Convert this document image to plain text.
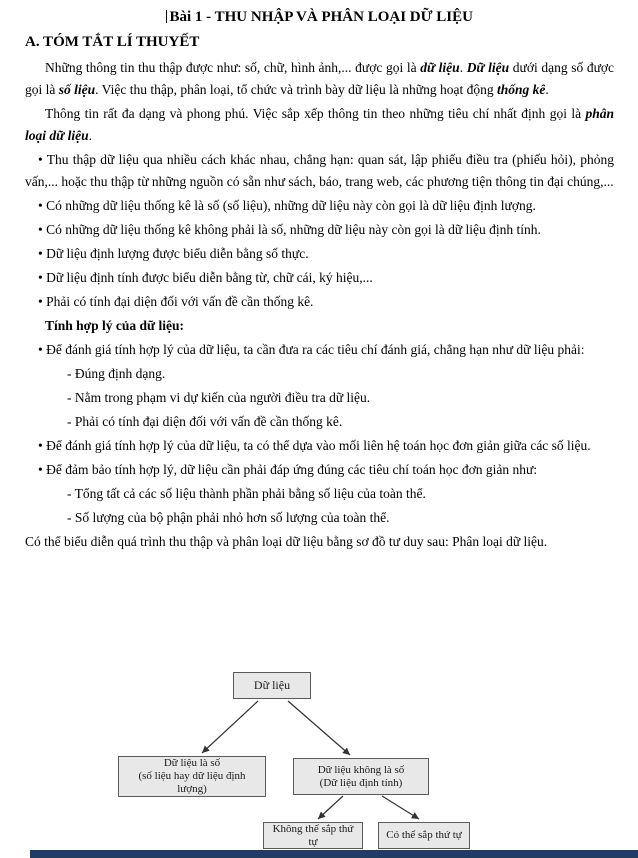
Bài 1 - THU NHẬP VÀ PHÂN LOẠI DỮ LIỆU
A. TÓM TẮT LÍ THUYẾT
Những thông tin thu thập được như: số, chữ, hình ảnh,... được gọi là dữ liệu. Dữ liệu dưới dạng số được gọi là số liệu. Việc thu thập, phân loại, tổ chức và trình bày dữ liệu là những hoạt động thống kê.
Thông tin rất đa dạng và phong phú. Việc sắp xếp thông tin theo những tiêu chí nhất định gọi là phân loại dữ liệu.
• Thu thập dữ liệu qua nhiều cách khác nhau, chẳng hạn: quan sát, lập phiếu điều tra (phiếu hỏi), phỏng vấn,... hoặc thu thập từ những nguồn có sẵn như sách, báo, trang web, các phương tiện thông tin đại chúng,...
• Có những dữ liệu thống kê là số (số liệu), những dữ liệu này còn gọi là dữ liệu định lượng.
• Có những dữ liệu thống kê không phải là số, những dữ liệu này còn gọi là dữ liệu định tính.
• Dữ liệu định lượng được biểu diễn bằng số thực.
• Dữ liệu định tính được biểu diễn bằng từ, chữ cái, ký hiệu,...
• Phải có tính đại diện đối với vấn đề cần thống kê.
Tính hợp lý của dữ liệu:
• Để đánh giá tính hợp lý của dữ liệu, ta cần đưa ra các tiêu chí đánh giá, chẳng hạn như dữ liệu phải:
- Đúng định dạng.
- Nằm trong phạm vi dự kiến của người điều tra dữ liệu.
- Phải có tính đại diện đối với vấn đề cần thống kê.
• Để đánh giá tính hợp lý của dữ liệu, ta có thể dựa vào mối liên hệ toán học đơn giản giữa các số liệu.
• Để đảm bảo tính hợp lý, dữ liệu cần phải đáp ứng đúng các tiêu chí toán học đơn giản như:
- Tổng tất cả các số liệu thành phần phải bằng số liệu của toàn thể.
- Số lượng của bộ phận phải nhỏ hơn số lượng của toàn thể.
Có thể biểu diễn quá trình thu thập và phân loại dữ liệu bằng sơ đồ tư duy sau: Phân loại dữ liệu.
Dữ liệu
Dữ liệu là số
(số liệu hay dữ liệu định lượng)
Dữ liệu không là số
(Dữ liệu định tính)
Không thể sắp thứ tự
Có thể sắp thứ tự
